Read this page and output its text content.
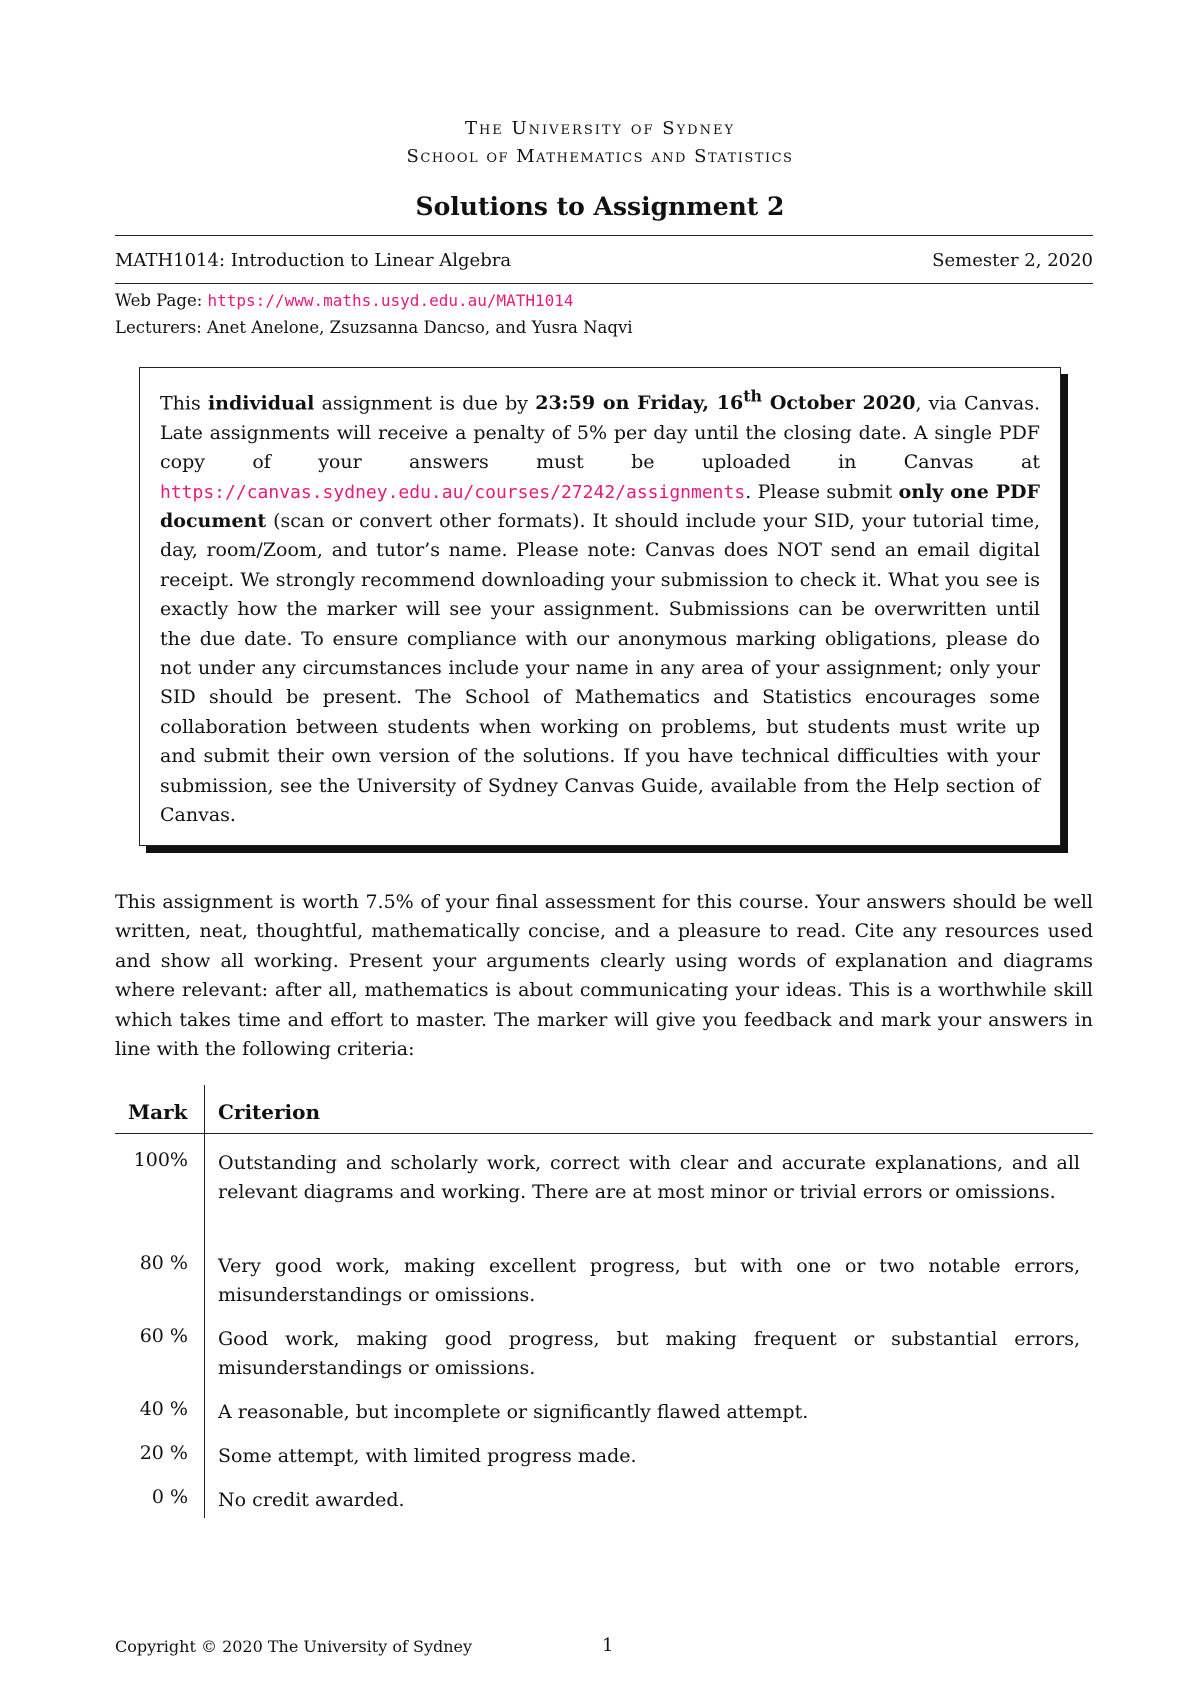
The University of Sydney
School of Mathematics and Statistics
Solutions to Assignment 2
MATH1014: Introduction to Linear Algebra	Semester 2, 2020
Web Page: https://www.maths.usyd.edu.au/MATH1014
Lecturers: Anet Anelone, Zsuzsanna Dancso, and Yusra Naqvi
This individual assignment is due by 23:59 on Friday, 16th October 2020, via Canvas. Late assignments will receive a penalty of 5% per day until the closing date. A single PDF copy of your answers must be uploaded in Canvas at https://canvas.sydney.edu.au/courses/27242/assignments. Please submit only one PDF document (scan or convert other formats). It should include your SID, your tutorial time, day, room/Zoom, and tutor’s name. Please note: Canvas does NOT send an email digital receipt. We strongly recommend downloading your submission to check it. What you see is exactly how the marker will see your assignment. Submissions can be overwritten until the due date. To ensure compliance with our anonymous marking obligations, please do not under any circumstances include your name in any area of your assignment; only your SID should be present. The School of Mathematics and Statistics encourages some collaboration between students when working on problems, but students must write up and submit their own version of the solutions. If you have technical difficulties with your submission, see the University of Sydney Canvas Guide, available from the Help section of Canvas.
This assignment is worth 7.5% of your final assessment for this course. Your answers should be well written, neat, thoughtful, mathematically concise, and a pleasure to read. Cite any resources used and show all working. Present your arguments clearly using words of explanation and diagrams where relevant: after all, mathematics is about communicating your ideas. This is a worthwhile skill which takes time and effort to master. The marker will give you feedback and mark your answers in line with the following criteria:
Mark Criterion
100% Outstanding and scholarly work, correct with clear and accurate explanations, and all relevant diagrams and working. There are at most minor or trivial errors or omissions.
80 % Very good work, making excellent progress, but with one or two notable errors, misunderstandings or omissions.
60 % Good work, making good progress, but making frequent or substantial errors, misunderstandings or omissions.
40 % A reasonable, but incomplete or significantly flawed attempt.
20 % Some attempt, with limited progress made.
0 % No credit awarded.
Copyright © 2020 The University of Sydney	1
